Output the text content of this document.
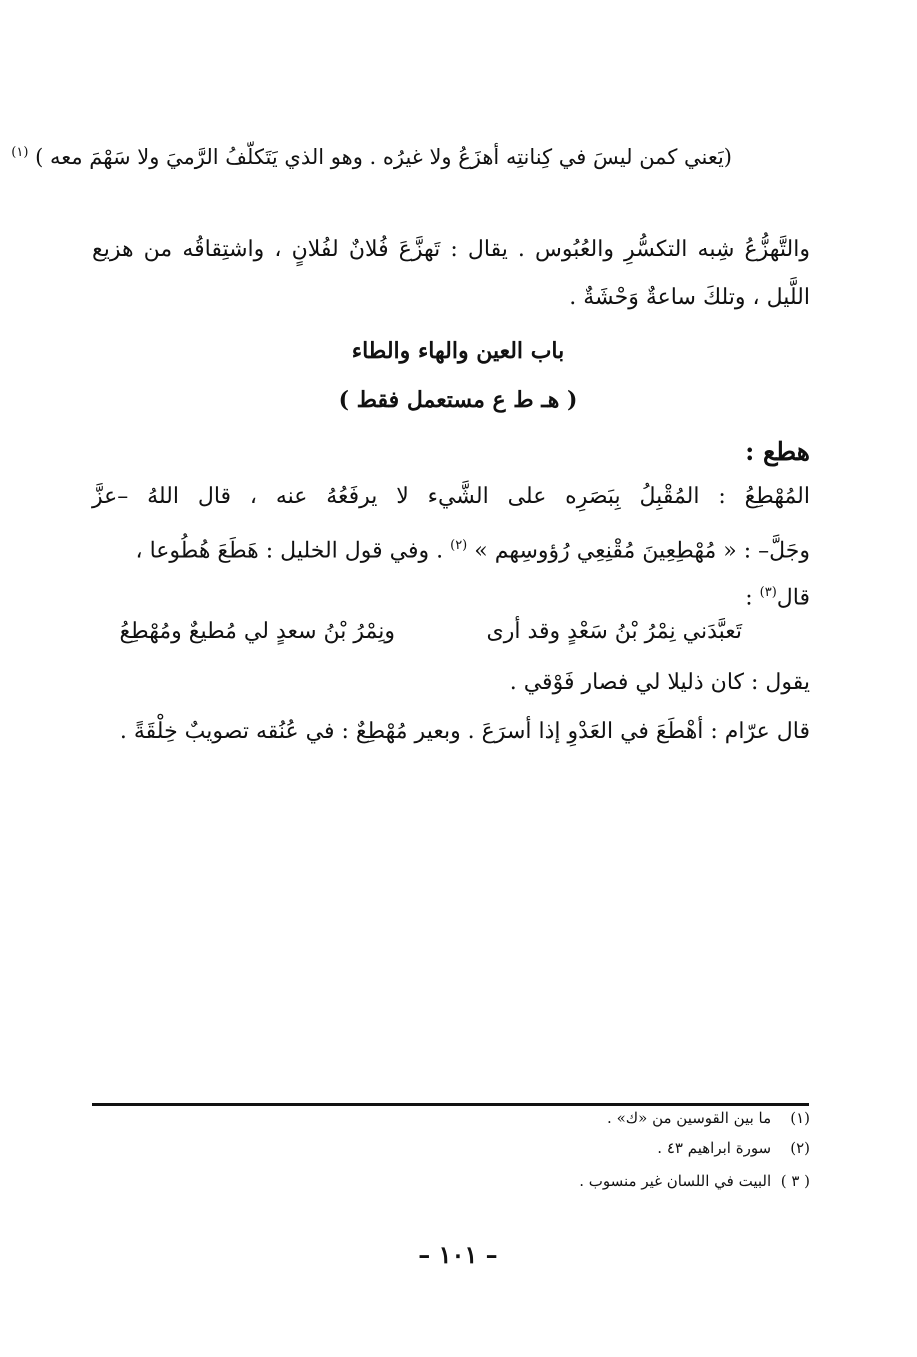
(يَعني كمن ليسَ في كِنانتِه أهزَعُ ولا غيرُه . وهو الذي يَتَكلّفُ الرَّميَ ولا سَهْمَ معه ) $^{(١)}$
والتَّهزُّعُ شِبه التكسُّرِ والعُبُوس . يقال : تَهزَّعَ فُلانٌ لفُلانٍ ، واشتِقاقُه من هزيع
اللَّيل ، وتلكَ ساعةٌ وَحْشَةٌ .
باب العين والهاء والطاء
( هـ ط ع مستعمل فقط )
هطع :
المُهْطِعُ : المُقْبِلُ بِبَصَرِه على الشَّيء لا يرفَعُهُ عنه ، قال اللهُ –عزَّ
وجَلَّ– : « مُهْطِعِينَ مُقْنِعِي رُؤوسِهم » $^{(٢)}$ . وفي قول الخليل : هَطَعَ هُطُوعا ،
قال$^{(٣)}$ :
تَعبَّدَني نِمْرُ بْنُ سَعْدٍ وقد أرى
ونِمْرُ بْنُ سعدٍ لي مُطيعٌ ومُهْطِعُ
يقول : كان ذليلا لي فصار فَوْقي .
قال عرّام : أهْطَعَ في العَدْوِ إذا أسرَعَ . وبعير مُهْطِعٌ : في عُنُقه تصويبٌ خِلْقَةً .
(١)    ما بين القوسين من «ك» .
(٢)    سورة ابراهيم ٤٣ .
( ٣ )  البيت في اللسان غير منسوب .
– ١٠١ –
